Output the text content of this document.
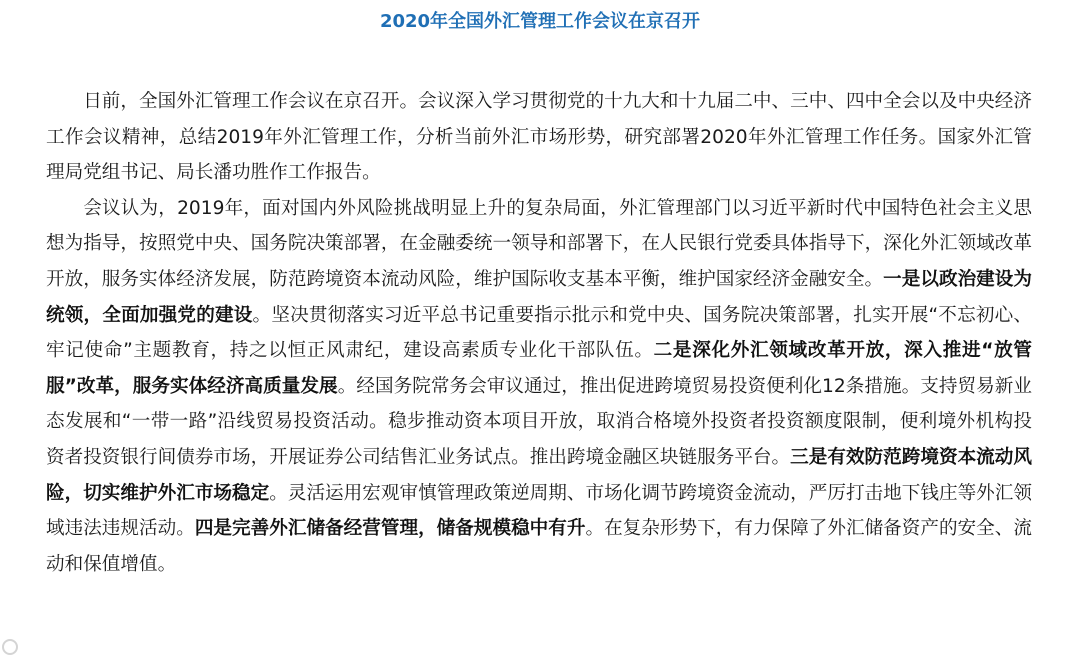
2020年全国外汇管理工作会议在京召开

日前，全国外汇管理工作会议在京召开。会议深入学习贯彻党的十九大和十九届二中、三中、四中全会以及中央经济工作会议精神，总结2019年外汇管理工作，分析当前外汇市场形势，研究部署2020年外汇管理工作任务。国家外汇管理局党组书记、局长潘功胜作工作报告。

会议认为，2019年，面对国内外风险挑战明显上升的复杂局面，外汇管理部门以习近平新时代中国特色社会主义思想为指导，按照党中央、国务院决策部署，在金融委统一领导和部署下，在人民银行党委具体指导下，深化外汇领域改革开放，服务实体经济发展，防范跨境资本流动风险，维护国际收支基本平衡，维护国家经济金融安全。一是以政治建设为统领，全面加强党的建设。坚决贯彻落实习近平总书记重要指示批示和党中央、国务院决策部署，扎实开展“不忘初心、牢记使命”主题教育，持之以恒正风肃纪，建设高素质专业化干部队伍。二是深化外汇领域改革开放，深入推进“放管服”改革，服务实体经济高质量发展。经国务院常务会审议通过，推出促进跨境贸易投资便利化12条措施。支持贸易新业态发展和“一带一路”沿线贸易投资活动。稳步推动资本项目开放，取消合格境外投资者投资额度限制，便利境外机构投资者投资银行间债券市场，开展证券公司结售汇业务试点。推出跨境金融区块链服务平台。三是有效防范跨境资本流动风险，切实维护外汇市场稳定。灵活运用宏观审慎管理政策逆周期、市场化调节跨境资金流动，严厉打击地下钱庄等外汇领域违法违规活动。四是完善外汇储备经营管理，储备规模稳中有升。在复杂形势下，有力保障了外汇储备资产的安全、流动和保值增值。
